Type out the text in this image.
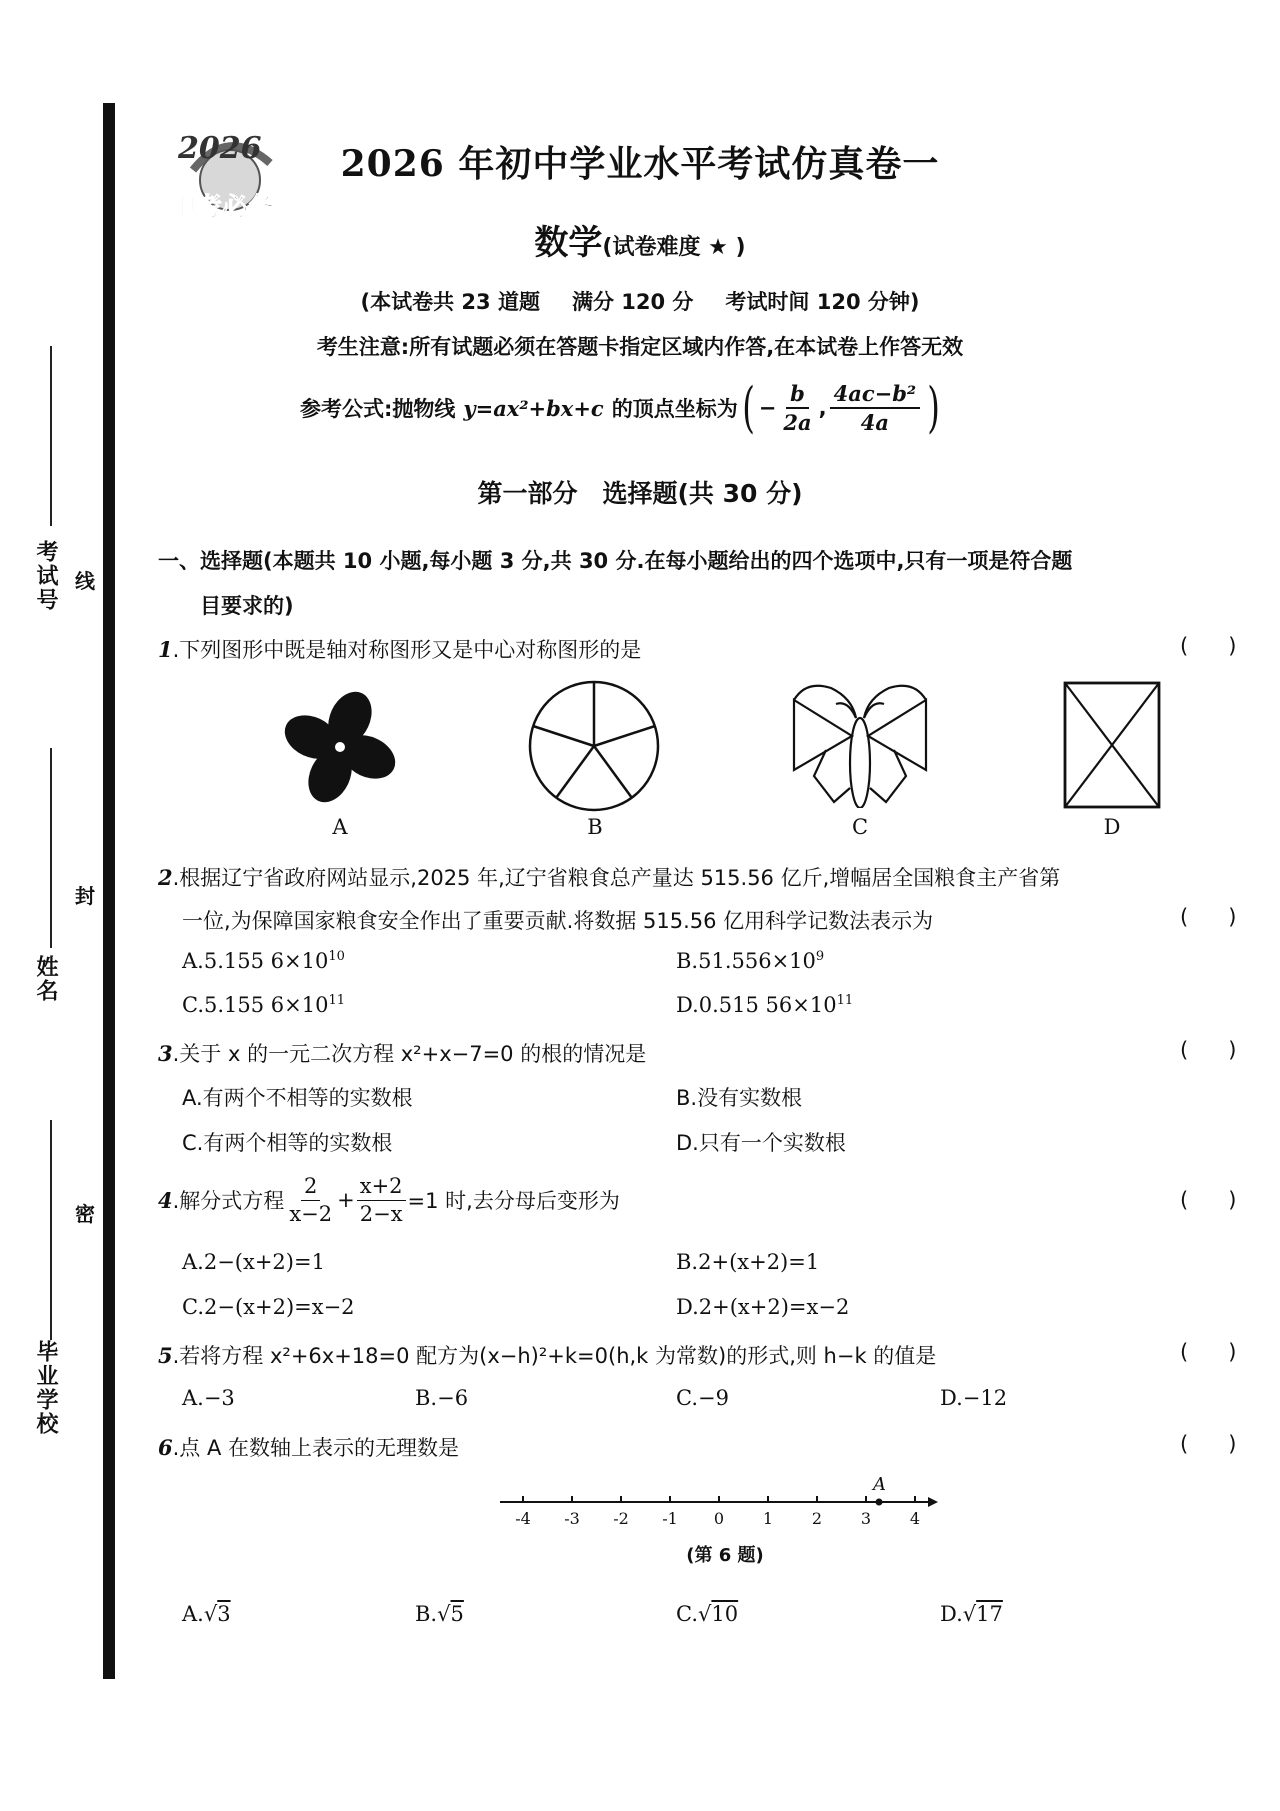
考试号
姓名
毕业学校
线
封
密
2026
中考必备
2026 年初中学业水平考试仿真卷一
数学(试卷难度 ★ )
(本试卷共 23 道题 满分 120 分 考试时间 120 分钟)
考生注意:所有试题必须在答题卡指定区域内作答,在本试卷上作答无效
参考公式:抛物线 y=ax²+bx+c 的顶点坐标为 ( − $\frac{b}{2a}$ , $\frac{\text{4ac−b²}}{4a}$ )
第一部分　选择题(共 30 分)
一、选择题(本题共 10 小题,每小题 3 分,共 30 分.在每小题给出的四个选项中,只有一项是符合题
目要求的)
1.下列图形中既是轴对称图形又是中心对称图形的是	(      )
A	B	C	D
2.根据辽宁省政府网站显示,2025 年,辽宁省粮食总产量达 515.56 亿斤,增幅居全国粮食主产省第
一位,为保障国家粮食安全作出了重要贡献.将数据 515.56 亿用科学记数法表示为	(      )
A.5.155 $6\times 10^{10}$	$B.51.556\times 10^9$
C.5.155 $6\times 10^{11}$	D.0.515 $56\times 10^{11}$
3.关于 x 的一元二次方程 x²+x−7=0 的根的情况是	(      )
A.有两个不相等的实数根	B.没有实数根
C.有两个相等的实数根	D.只有一个实数根
4 .解分式方程 $\frac{2}{x-2} + \frac{x+2}{2-x} =1$ 时,去分母后变形为	(      )
A.2−(x+2)=1	B.2+(x+2)=1
C.2−(x+2)=x−2	D.2+(x+2)=x−2
5.若将方程 x²+6x+18=0 配方为(x−h)²+k=0(h,k 为常数)的形式,则 h−k 的值是	(      )
A.−3	B.−6	C.−9	D.−12
6.点 A 在数轴上表示的无理数是	(      )
-4 -3 -2 -1 0 1 2 3 4
A
(第 6 题)
A.√3	B.√5	C.√10	D.√17
